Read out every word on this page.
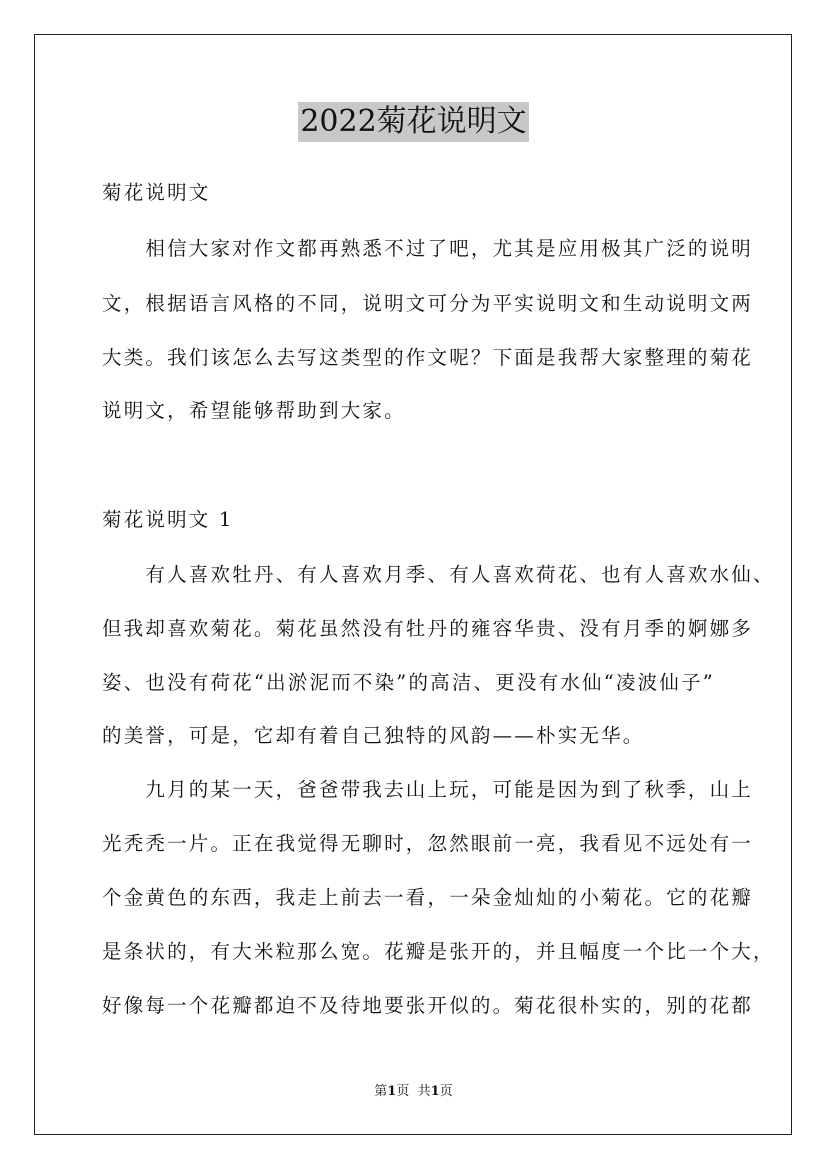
2022菊花说明文
菊花说明文
　　相信大家对作文都再熟悉不过了吧，尤其是应用极其广泛的说明
文，根据语言风格的不同，说明文可分为平实说明文和生动说明文两
大类。我们该怎么去写这类型的作文呢？下面是我帮大家整理的菊花
说明文，希望能够帮助到大家。
菊花说明文 1
　　有人喜欢牡丹、有人喜欢月季、有人喜欢荷花、也有人喜欢水仙、
但我却喜欢菊花。菊花虽然没有牡丹的雍容华贵、没有月季的婀娜多
姿、也没有荷花“出淤泥而不染”的高洁、更没有水仙“凌波仙子”
的美誉，可是，它却有着自己独特的风韵——朴实无华。
　　九月的某一天，爸爸带我去山上玩，可能是因为到了秋季，山上
光秃秃一片。正在我觉得无聊时，忽然眼前一亮，我看见不远处有一
个金黄色的东西，我走上前去一看，一朵金灿灿的小菊花。它的花瓣
是条状的，有大米粒那么宽。花瓣是张开的，并且幅度一个比一个大，
好像每一个花瓣都迫不及待地要张开似的。菊花很朴实的，别的花都
第1页 共1页
